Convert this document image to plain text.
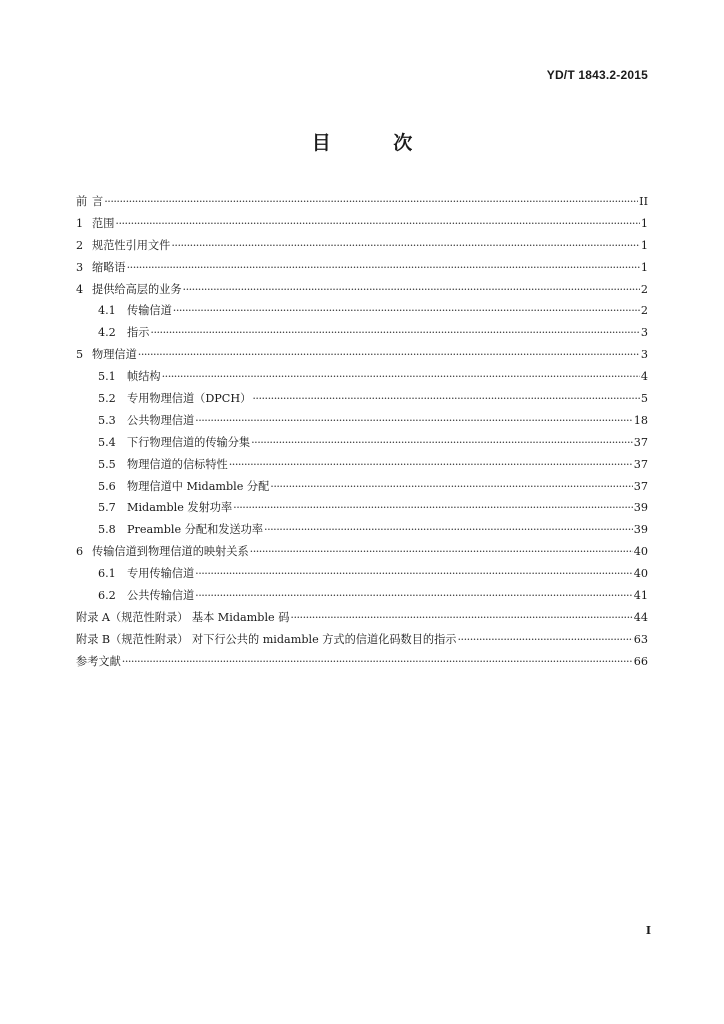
YD/T 1843.2-2015
目 次
前 言 ·····	II
1 范围 ·····	1
2 规范性引用文件 ·····	1
3 缩略语 ·····	1
4 提供给高层的业务 ·····	2
4.1	传输信道 ·····	2
4.2	指示 ·····	3
5 物理信道 ·····	3
5.1	帧结构 ·····	4
5.2	专用物理信道（DPCH） ·····	5
5.3	公共物理信道 ·····	18
5.4	下行物理信道的传输分集 ·····	37
5.5	物理信道的信标特性 ·····	37
5.6	物理信道中 Midamble 分配 ·····	37
5.7	Midamble 发射功率 ·····	39
5.8	Preamble 分配和发送功率 ·····	39
6 传输信道到物理信道的映射关系 ·····	40
6.1	专用传输信道 ·····	40
6.2	公共传输信道 ·····	41
附录 A（规范性附录） 基本 Midamble 码 ·····	44
附录 B（规范性附录） 对下行公共的 midamble 方式的信道化码数目的指示 ·····	63
参考文献 ·····	66
I
